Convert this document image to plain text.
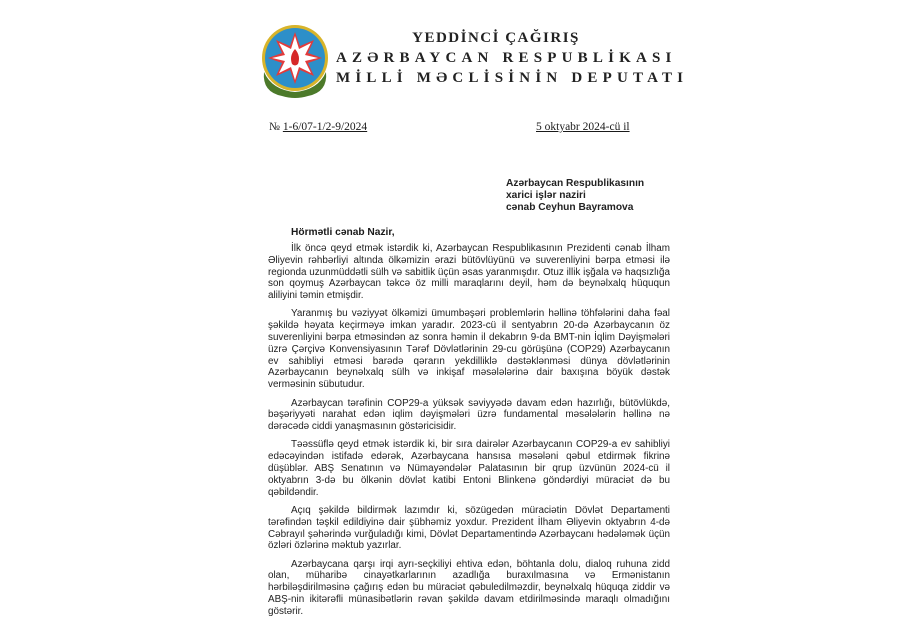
YEDDİNCİ ÇAĞIRIŞ
AZƏRBAYCAN RESPUBLİKASI
MİLLİ MƏCLİSİNİN DEPUTATI
№ 1-6/07-1/2-9/2024	5 oktyabr 2024-cü il
Azərbaycan Respublikasının
xarici işlər naziri
cənab Ceyhun Bayramova
Hörmətli cənab Nazir,

İlk öncə qeyd etmək istərdik ki, Azərbaycan Respublikasının Prezidenti cənab İlham Əliyevin rəhbərliyi altında ölkəmizin ərazi bütövlüyünü və suverenliyini bərpa etməsi ilə regionda uzunmüddətli sülh və sabitlik üçün əsas yaranmışdır. Otuz illik işğala və haqsızlığa son qoymuş Azərbaycan təkcə öz milli maraqlarını deyil, həm də beynəlxalq hüququn aliliyini təmin etmişdir.

Yaranmış bu vəziyyət ölkəmizi ümumbəşəri problemlərin həllinə töhfələrini daha fəal şəkildə həyata keçirməyə imkan yaradır. 2023-cü il sentyabrın 20-də Azərbaycanın öz suverenliyini bərpa etməsindən az sonra həmin il dekabrın 9-da BMT-nin İqlim Dəyişmələri üzrə Çərçivə Konvensiyasının Tərəf Dövlətlərinin 29-cu görüşünə (COP29) Azərbaycanın ev sahibliyi etməsi barədə qərarın yekdilliklə dəstəklənməsi dünya dövlətlərinin Azərbaycanın beynəlxalq sülh və inkişaf məsələlərinə dair baxışına böyük dəstək verməsinin sübutudur.

Azərbaycan tərəfinin COP29-a yüksək səviyyədə davam edən hazırlığı, bütövlükdə, bəşəriyyəti narahat edən iqlim dəyişmələri üzrə fundamental məsələlərin həllinə nə dərəcədə ciddi yanaşmasının göstəricisidir.

Təəssüflə qeyd etmək istərdik ki, bir sıra dairələr Azərbaycanın COP29-a ev sahibliyi edəcəyindən istifadə edərək, Azərbaycana hansısa məsələni qəbul etdirmək fikrinə düşüblər. ABŞ Senatının və Nümayəndələr Palatasının bir qrup üzvünün 2024-cü il oktyabrın 3-də bu ölkənin dövlət katibi Entoni Blinkenə göndərdiyi müraciət də bu qəbildəndir.

Açıq şəkildə bildirmək lazımdır ki, sözügedən müraciətin Dövlət Departamenti tərəfindən təşkil edildiyinə dair şübhəmiz yoxdur. Prezident İlham Əliyevin oktyabrın 4-də Cəbrayıl şəhərində vurğuladığı kimi, Dövlət Departamentində Azərbaycanı hədələmək üçün özləri özlərinə məktub yazırlar.

Azərbaycana qarşı irqi ayrı-seçkiliyi ehtiva edən, böhtanla dolu, dialoq ruhuna zidd olan, müharibə cinayətkarlarının azadlığa buraxılmasına və Ermənistanın hərbiləşdirilməsinə çağırış edən bu müraciət qəbuledilməzdir, beynəlxalq hüquqa ziddir və ABŞ-nin ikitərəfli münasibətlərin rəvan şəkildə davam etdirilməsində maraqlı olmadığını göstərir.
